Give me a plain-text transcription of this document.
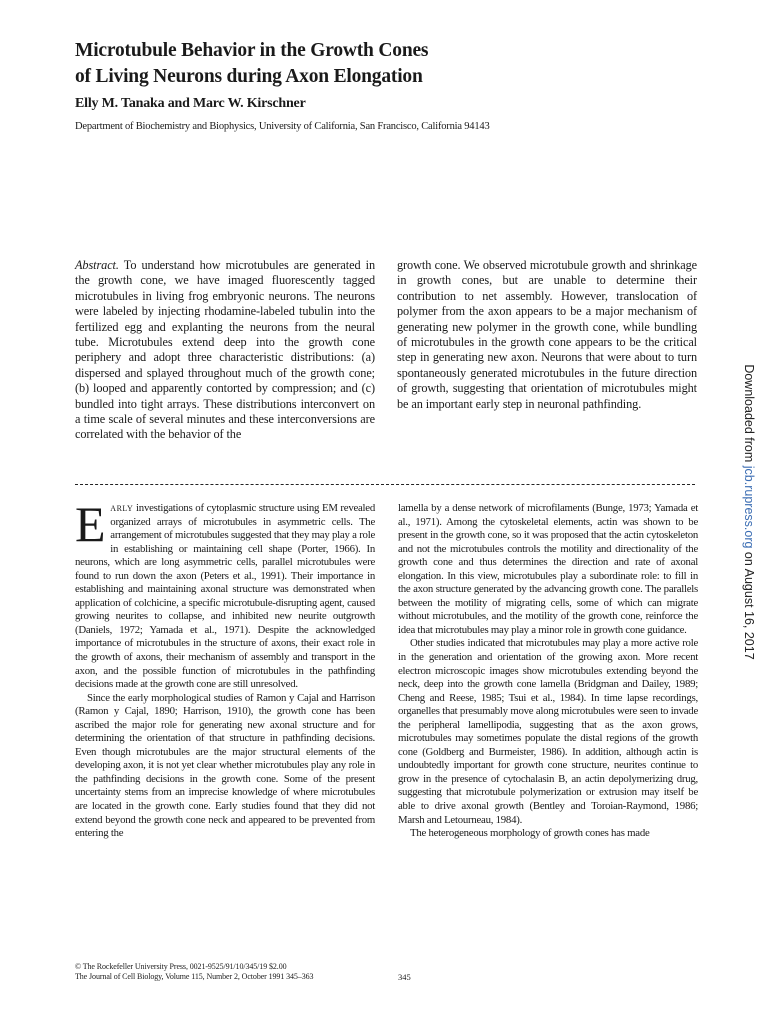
Microtubule Behavior in the Growth Cones
of Living Neurons during Axon Elongation
Elly M. Tanaka and Marc W. Kirschner
Department of Biochemistry and Biophysics, University of California, San Francisco, California 94143

Abstract. To understand how microtubules are generated in the growth cone, we have imaged fluorescently tagged microtubules in living frog embryonic neurons. The neurons were labeled by injecting rhodamine-labeled tubulin into the fertilized egg and explanting the neurons from the neural tube. Microtubules extend deep into the growth cone periphery and adopt three characteristic distributions: (a) dispersed and splayed throughout much of the growth cone; (b) looped and apparently contorted by compression; and (c) bundled into tight arrays. These distributions interconvert on a time scale of several minutes and these interconversions are correlated with the behavior of the

growth cone. We observed microtubule growth and shrinkage in growth cones, but are unable to determine their contribution to net assembly. However, translocation of polymer from the axon appears to be a major mechanism of generating new polymer in the growth cone, while bundling of microtubules in the growth cone appears to be the critical step in generating new axon. Neurons that were about to turn spontaneously generated microtubules in the future direction of growth, suggesting that orientation of microtubules might be an important early step in neuronal pathfinding.

Early investigations of cytoplasmic structure using EM revealed organized arrays of microtubules in asymmetric cells. The arrangement of microtubules suggested that they may play a role in establishing or maintaining cell shape (Porter, 1966). In neurons, which are long asymmetric cells, parallel microtubules were found to run down the axon (Peters et al., 1991). Their importance in establishing and maintaining axonal structure was demonstrated when application of colchicine, a specific microtubule-disrupting agent, caused growing neurites to collapse, and inhibited new neurite outgrowth (Daniels, 1972; Yamada et al., 1971). Despite the acknowledged importance of microtubules in the structure of axons, their exact role in the growth of axons, their mechanism of assembly and transport in the axon, and the possible function of microtubules in the pathfinding decisions made at the growth cone are still unresolved.

Since the early morphological studies of Ramon y Cajal and Harrison (Ramon y Cajal, 1890; Harrison, 1910), the growth cone has been ascribed the major role for generating new axonal structure and for determining the orientation of that structure in pathfinding decisions. Even though microtubules are the major structural elements of the developing axon, it is not yet clear whether microtubules play any role in the pathfinding decisions in the growth cone. Some of the present uncertainty stems from an imprecise knowledge of where microtubules are located in the growth cone. Early studies found that they did not extend beyond the growth cone neck and appeared to be prevented from entering the

lamella by a dense network of microfilaments (Bunge, 1973; Yamada et al., 1971). Among the cytoskeletal elements, actin was shown to be present in the growth cone, so it was proposed that the actin cytoskeleton and not the microtubules controls the motility and directionality of the growth cone and thus determines the direction and rate of axonal elongation. In this view, microtubules play a subordinate role: to fill in the axon structure generated by the advancing growth cone. The parallels between the motility of migrating cells, some of which can migrate without microtubules, and the motility of the growth cone, reinforce the idea that microtubules may play a minor role in growth cone guidance.

Other studies indicated that microtubules may play a more active role in the generation and orientation of the growing axon. More recent electron microscopic images show microtubules extending beyond the neck, deep into the growth cone lamella (Bridgman and Dailey, 1989; Cheng and Reese, 1985; Tsui et al., 1984). In time lapse recordings, organelles that presumably move along microtubules were seen to invade the peripheral lamellipodia, suggesting that as the axon grows, microtubules may sometimes populate the distal regions of the growth cone (Goldberg and Burmeister, 1986). In addition, although actin is undoubtedly important for growth cone structure, neurites continue to grow in the presence of cytochalasin B, an actin depolymerizing drug, suggesting that microtubule polymerization or extrusion may itself be able to drive axonal growth (Bentley and Toroian-Raymond, 1986; Marsh and Letourneau, 1984).

The heterogeneous morphology of growth cones has made

© The Rockefeller University Press, 0021-9525/91/10/345/19 $2.00
The Journal of Cell Biology, Volume 115, Number 2, October 1991 345–363	345
Downloaded from jcb.rupress.org on August 16, 2017
